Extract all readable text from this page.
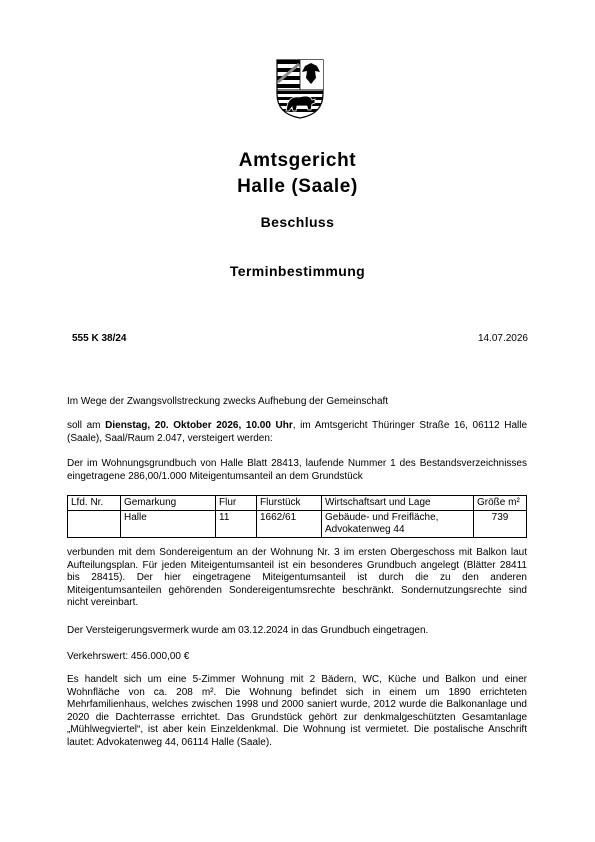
Amtsgericht
Halle (Saale)
Beschluss
Terminbestimmung
555 K 38/24	14.07.2026

Im Wege der Zwangsvollstreckung zwecks Aufhebung der Gemeinschaft

soll am Dienstag, 20. Oktober 2026, 10.00 Uhr, im Amtsgericht Thüringer Straße 16, 06112 Halle (Saale), Saal/Raum 2.047, versteigert werden:

Der im Wohnungsgrundbuch von Halle Blatt 28413, laufende Nummer 1 des Bestandsverzeichnisses eingetragene 286,00/1.000 Miteigentumsanteil an dem Grundstück

Lfd. Nr.	Gemarkung	Flur	Flurstück	Wirtschaftsart und Lage	Größe m²
	Halle	11	1662/61	Gebäude- und Freifläche, Advokatenweg 44	739

verbunden mit dem Sondereigentum an der Wohnung Nr. 3 im ersten Obergeschoss mit Balkon laut Aufteilungsplan. Für jeden Miteigentumsanteil ist ein besonderes Grundbuch angelegt (Blätter 28411 bis 28415). Der hier eingetragene Miteigentumsanteil ist durch die zu den anderen Miteigentumsanteilen gehörenden Sondereigentumsrechte beschränkt. Sondernutzungsrechte sind nicht vereinbart.

Der Versteigerungsvermerk wurde am 03.12.2024 in das Grundbuch eingetragen.

Verkehrswert: 456.000,00 €

Es handelt sich um eine 5-Zimmer Wohnung mit 2 Bädern, WC, Küche und Balkon und einer Wohnfläche von ca. 208 m². Die Wohnung befindet sich in einem um 1890 errichteten Mehrfamilienhaus, welches zwischen 1998 und 2000 saniert wurde, 2012 wurde die Balkonanlage und 2020 die Dachterrasse errichtet. Das Grundstück gehört zur denkmalgeschützten Gesamtanlage „Mühlwegviertel“, ist aber kein Einzeldenkmal. Die Wohnung ist vermietet. Die postalische Anschrift lautet: Advokatenweg 44, 06114 Halle (Saale).
